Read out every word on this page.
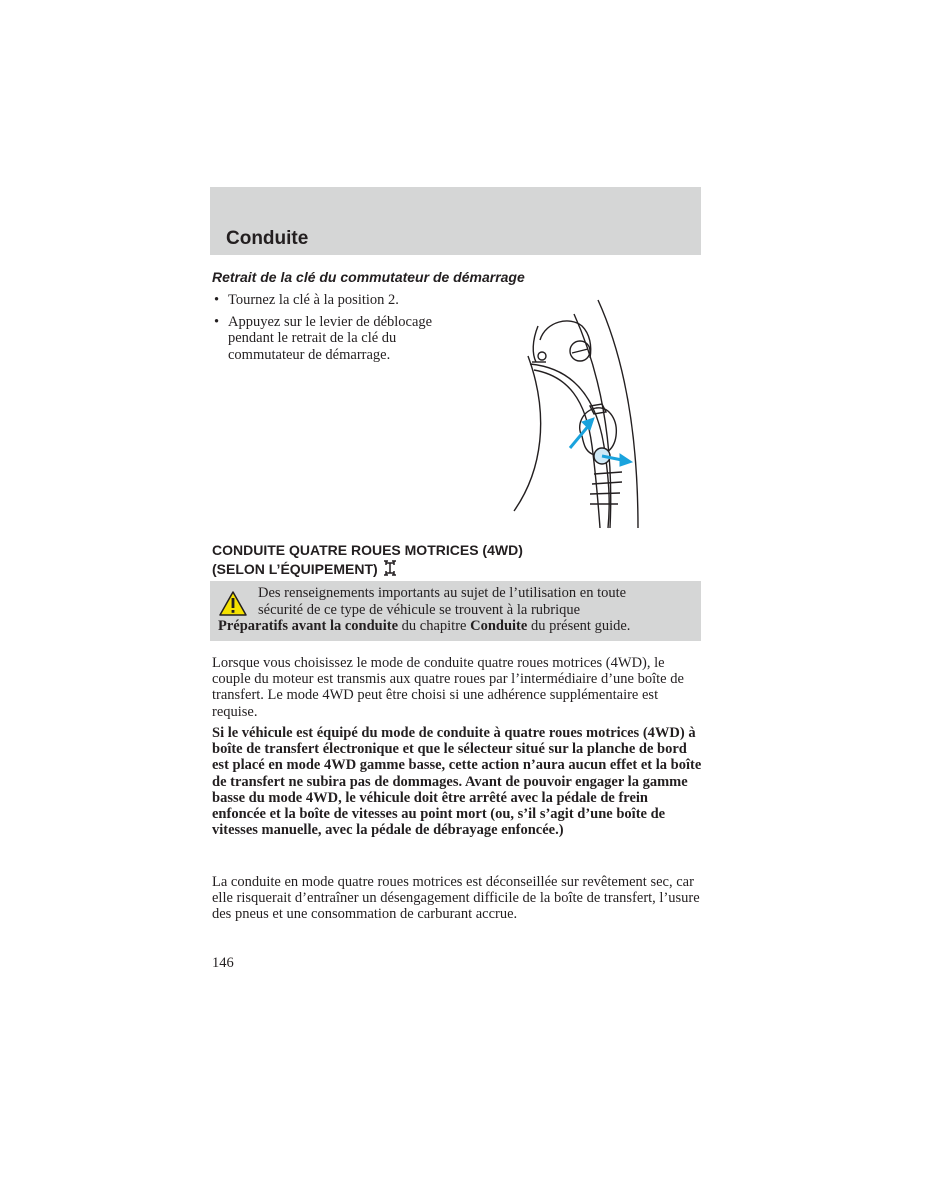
Conduite
Retrait de la clé du commutateur de démarrage
• Tournez la clé à la position 2.
• Appuyez sur le levier de déblocage pendant le retrait de la clé du commutateur de démarrage.
CONDUITE QUATRE ROUES MOTRICES (4WD)
(SELON L’ÉQUIPEMENT)
Des renseignements importants au sujet de l’utilisation en toute
sécurité de ce type de véhicule se trouvent à la rubrique
Préparatifs avant la conduite du chapitre Conduite du présent guide.

Lorsque vous choisissez le mode de conduite quatre roues motrices (4WD), le couple du moteur est transmis aux quatre roues par l’intermédiaire d’une boîte de transfert. Le mode 4WD peut être choisi si une adhérence supplémentaire est requise.

Si le véhicule est équipé du mode de conduite à quatre roues motrices (4WD) à boîte de transfert électronique et que le sélecteur situé sur la planche de bord est placé en mode 4WD gamme basse, cette action n’aura aucun effet et la boîte de transfert ne subira pas de dommages. Avant de pouvoir engager la gamme basse du mode 4WD, le véhicule doit être arrêté avec la pédale de frein enfoncée et la boîte de vitesses au point mort (ou, s’il s’agit d’une boîte de vitesses manuelle, avec la pédale de débrayage enfoncée.)

La conduite en mode quatre roues motrices est déconseillée sur revêtement sec, car elle risquerait d’entraîner un désengagement difficile de la boîte de transfert, l’usure des pneus et une consommation de carburant accrue.

146
